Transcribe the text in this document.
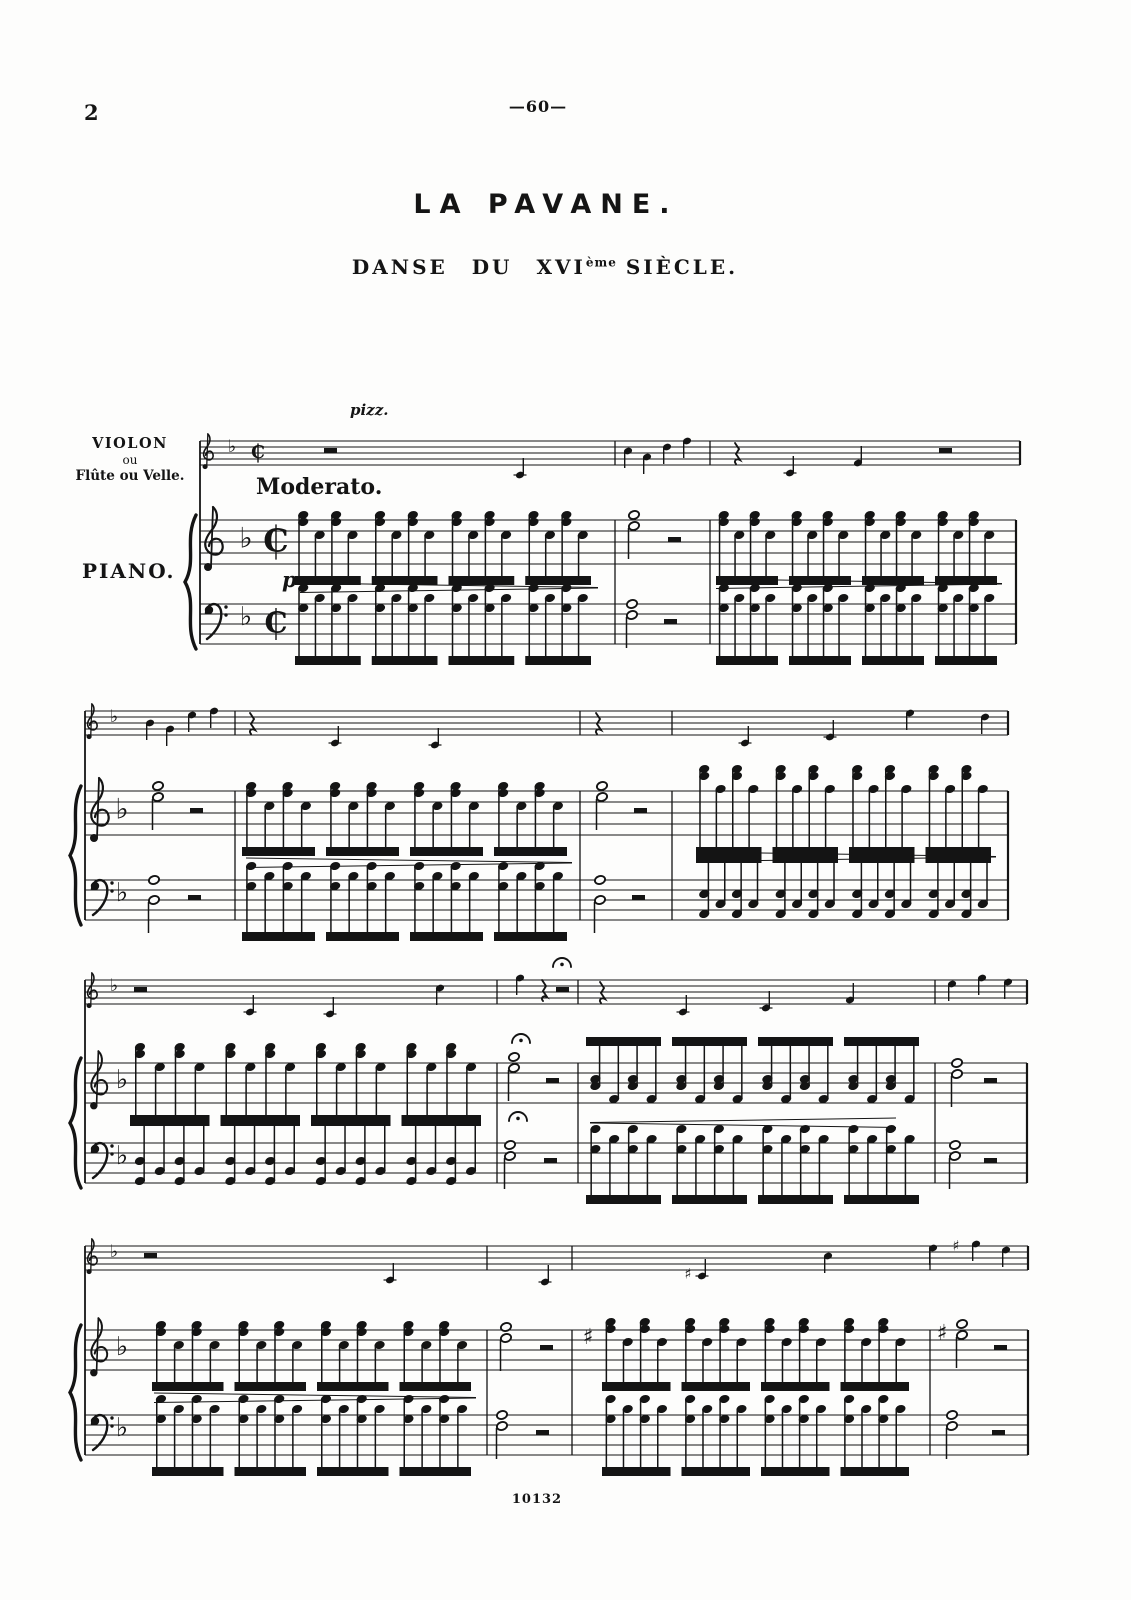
♭ C
♭ C
♭ C
♭
♭
♭
♭
♭
♭
♭
♯
♯
♭	♯	♯
♭
2	—60—
LA PAVANE.
DANSE DU XVIème SIÈCLE.
VIOLON
ou
Flûte ou Velle.
PIANO.
Moderato.
pizz.
p
10132
